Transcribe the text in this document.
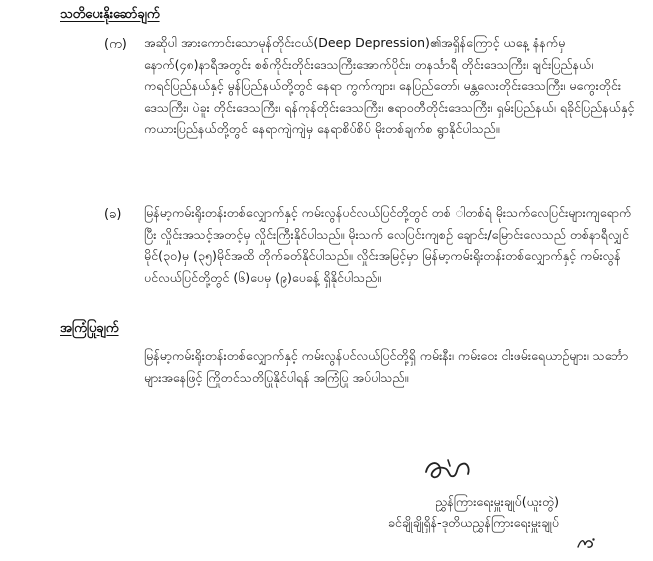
သတိပေးနိုးဆော်ချက်
(က) အဆိုပါ အားကောင်းသောမုန်တိုင်းငယ်(Deep Depression)၏အရှိန်ကြောင့် ယနေ့ နံနက်မှ နောက်(၄၈)နာရီအတွင်း စစ်ကိုင်းတိုင်းဒေသကြီးအောက်ပိုင်း၊ တနင်္သာရီ တိုင်းဒေသကြီး၊ ချင်းပြည်နယ်၊ ကရင်ပြည်နယ်နှင့် မွန်ပြည်နယ်တို့တွင် နေရာ ကွက်ကျား၊ နေပြည်တော်၊ မန္တလေးတိုင်းဒေသကြီး၊ မကွေးတိုင်းဒေသကြီး၊ ပဲခူး တိုင်းဒေသကြီး၊ ရန်ကုန်တိုင်းဒေသကြီး၊ ဧရာဝတီတိုင်းဒေသကြီး၊ ရှမ်းပြည်နယ်၊ ရခိုင်ပြည်နယ်နှင့် ကယားပြည်နယ်တို့တွင် နေရာကျဲကျဲမှ နေရာစိပ်စိပ် မိုးတစ်ချက်စ ရွာနိုင်ပါသည်။
(ခ) မြန်မာ့ကမ်းရိုးတန်းတစ်လျှောက်နှင့် ကမ်းလွန်ပင်လယ်ပြင်တို့တွင် တစ် ါတစ်ရံ မိုးသက်လေပြင်းများကျရောက်ပြီး လှိုင်းအသင့်အတင့်မှ လှိုင်းကြီးနိုင်ပါသည်။ မိုးသက် လေပြင်းကျစဉ် ချောင်း/မြောင်းလေသည် တစ်နာရီလျှင် မိုင်(၃၀)မှ (၃၅)မိုင်အထိ တိုက်ခတ်နိုင်ပါသည်။ လှိုင်းအမြင့်မှာ မြန်မာ့ကမ်းရိုးတန်းတစ်လျှောက်နှင့် ကမ်းလွန် ပင်လယ်ပြင်တို့တွင် (၆)ပေမှ (၉)ပေခန့် ရှိနိုင်ပါသည်။
အကြံပြုချက်
မြန်မာ့ကမ်းရိုးတန်းတစ်လျှောက်နှင့် ကမ်းလွန်ပင်လယ်ပြင်တို့ရှိ ကမ်းနီး၊ ကမ်းဝေး ငါးဖမ်းရေယာဉ်များ၊ သင်္ဘောများအနေဖြင့် ကြိုတင်သတိပြုနိုင်ပါရန် အကြံပြု အပ်ပါသည်။
ညွှန်ကြားရေးမှူးချုပ်(ယူးတွဲ)
ခင်ချိုချိုရှိန်-ဒုတိယညွှန်ကြားရေးမှူးချုပ်
